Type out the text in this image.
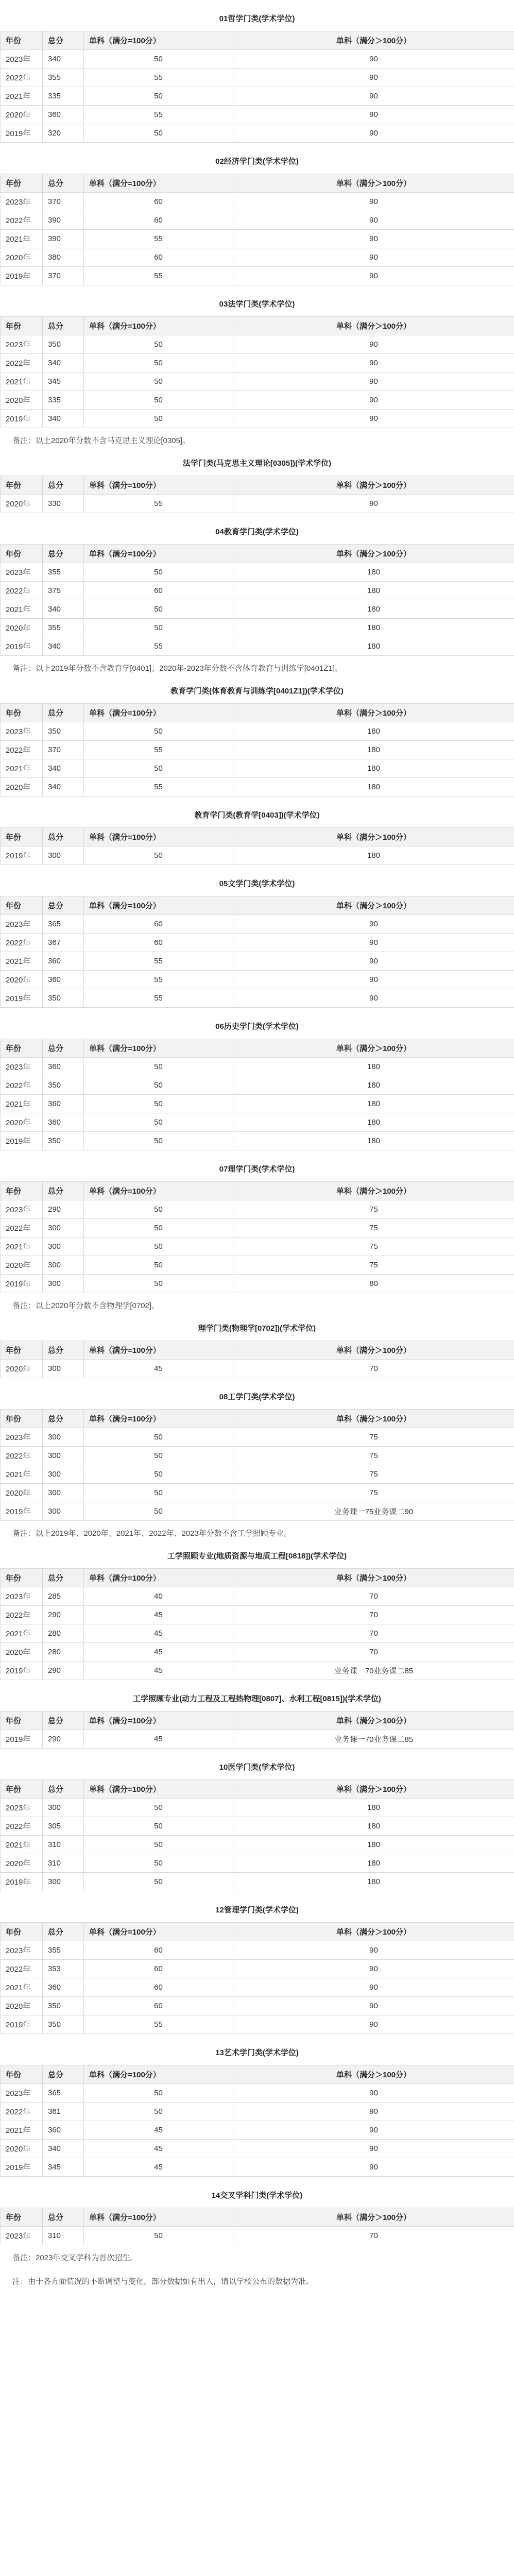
01哲学门类(学术学位)
年份	总分	单科（满分=100分）	单科（满分＞100分）
2023年	340	50	90
2022年	355	55	90
2021年	335	50	90
2020年	360	55	90
2019年	320	50	90
02经济学门类(学术学位)
年份	总分	单科（满分=100分）	单科（满分＞100分）
2023年	370	60	90
2022年	390	60	90
2021年	390	55	90
2020年	380	60	90
2019年	370	55	90
03法学门类(学术学位)
年份	总分	单科（满分=100分）	单科（满分＞100分）
2023年	350	50	90
2022年	340	50	90
2021年	345	50	90
2020年	335	50	90
2019年	340	50	90
备注：以上2020年分数不含马克思主义理论[0305]。
法学门类(马克思主义理论[0305])(学术学位)
年份	总分	单科（满分=100分）	单科（满分＞100分）
2020年	330	55	90
04教育学门类(学术学位)
年份	总分	单科（满分=100分）	单科（满分＞100分）
2023年	355	50	180
2022年	375	60	180
2021年	340	50	180
2020年	355	50	180
2019年	340	55	180
备注：以上2019年分数不含教育学[0401]；2020年-2023年分数不含体育教育与训练学[0401Z1]。
教育学门类(体育教育与训练学[0401Z1])(学术学位)
年份	总分	单科（满分=100分）	单科（满分＞100分）
2023年	350	50	180
2022年	370	55	180
2021年	340	50	180
2020年	340	55	180
教育学门类(教育学[0403])(学术学位)
年份	总分	单科（满分=100分）	单科（满分＞100分）
2019年	300	50	180
05文学门类(学术学位)
年份	总分	单科（满分=100分）	单科（满分＞100分）
2023年	365	60	90
2022年	367	60	90
2021年	360	55	90
2020年	360	55	90
2019年	350	55	90
06历史学门类(学术学位)
年份	总分	单科（满分=100分）	单科（满分＞100分）
2023年	360	50	180
2022年	350	50	180
2021年	360	50	180
2020年	360	50	180
2019年	350	50	180
07理学门类(学术学位)
年份	总分	单科（满分=100分）	单科（满分＞100分）
2023年	290	50	75
2022年	300	50	75
2021年	300	50	75
2020年	300	50	75
2019年	300	50	80
备注：以上2020年分数不含物理学[0702]。
理学门类(物理学[0702])(学术学位)
年份	总分	单科（满分=100分）	单科（满分＞100分）
2020年	300	45	70
08工学门类(学术学位)
年份	总分	单科（满分=100分）	单科（满分＞100分）
2023年	300	50	75
2022年	300	50	75
2021年	300	50	75
2020年	300	50	75
2019年	300	50	业务课一75业务课二90
备注：以上2019年、2020年、2021年、2022年、2023年分数不含工学照顾专业。
工学照顾专业(地质资源与地质工程[0818])(学术学位)
年份	总分	单科（满分=100分）	单科（满分＞100分）
2023年	285	40	70
2022年	290	45	70
2021年	280	45	70
2020年	280	45	70
2019年	290	45	业务课一70业务课二85
工学照顾专业(动力工程及工程热物理[0807]、水利工程[0815])(学术学位)
年份	总分	单科（满分=100分）	单科（满分＞100分）
2019年	290	45	业务课一70业务课二85
10医学门类(学术学位)
年份	总分	单科（满分=100分）	单科（满分＞100分）
2023年	300	50	180
2022年	305	50	180
2021年	310	50	180
2020年	310	50	180
2019年	300	50	180
12管理学门类(学术学位)
年份	总分	单科（满分=100分）	单科（满分＞100分）
2023年	355	60	90
2022年	353	60	90
2021年	360	60	90
2020年	350	60	90
2019年	350	55	90
13艺术学门类(学术学位)
年份	总分	单科（满分=100分）	单科（满分＞100分）
2023年	365	50	90
2022年	361	50	90
2021年	360	45	90
2020年	340	45	90
2019年	345	45	90
14交叉学科门类(学术学位)
年份	总分	单科（满分=100分）	单科（满分＞100分）
2023年	310	50	70
备注：2023年交叉学科为首次招生。
注：由于各方面情况的不断调整与变化，部分数据如有出入，请以学校公布的数据为准。
